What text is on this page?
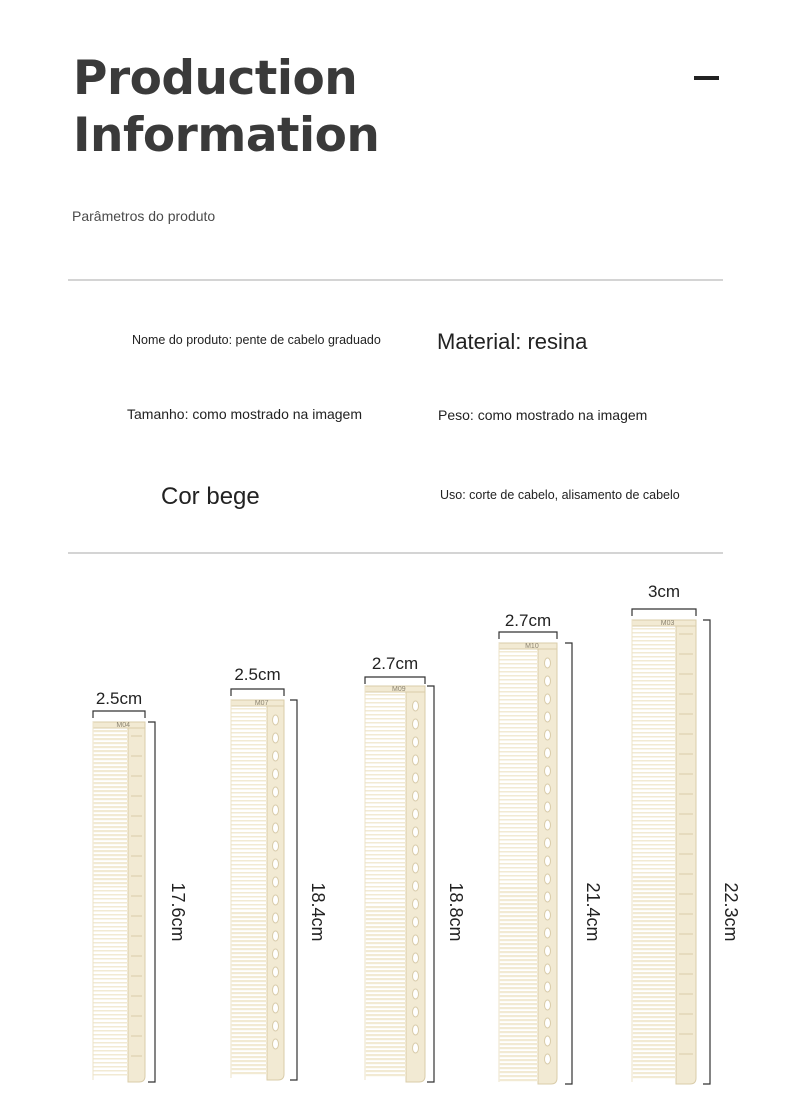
Production
Information
Parâmetros do produto
Nome do produto: pente de cabelo graduado	Material: resina
Tamanho: como mostrado na imagem	Peso: como mostrado na imagem
Cor bege	Uso: corte de cabelo, alisamento de cabelo
M04
2.5cm
17.6cm
M07
2.5cm
18.4cm
M09
2.7cm
18.8cm
M10
2.7cm
21.4cm
M03
3cm
22.3cm
